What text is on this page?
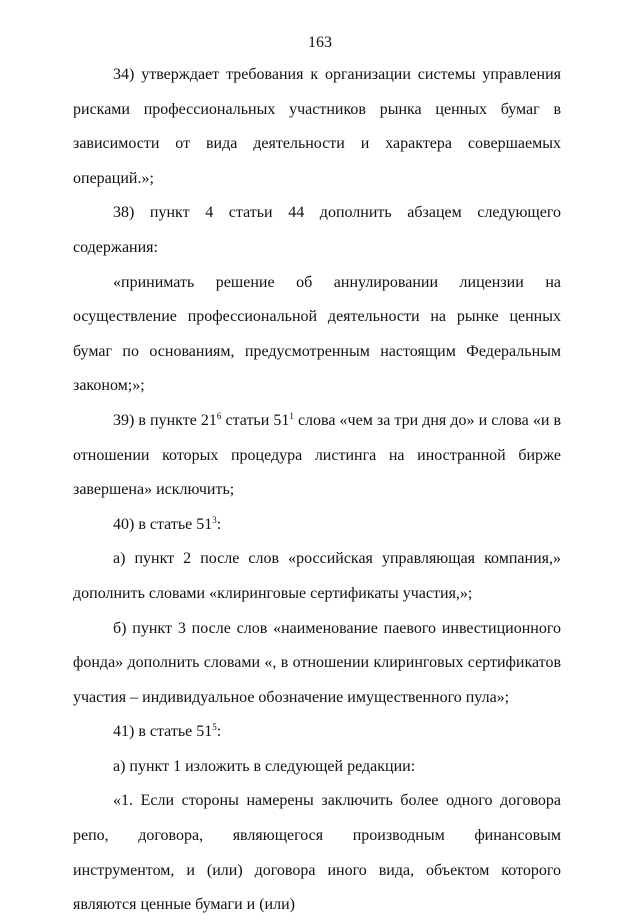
163

34) утверждает требования к организации системы управления рисками профессиональных участников рынка ценных бумаг в зависимости от вида деятельности и характера совершаемых операций.»;

38) пункт 4 статьи 44 дополнить абзацем следующего содержания:

«принимать решение об аннулировании лицензии на осуществление профессиональной деятельности на рынке ценных бумаг по основаниям, предусмотренным настоящим Федеральным законом;»;

39) в пункте $21^6$ статьи $51^1$ слова «чем за три дня до» и слова «и в отношении которых процедура листинга на иностранной бирже завершена» исключить;

40) в статье $51^3$:

а) пункт 2 после слов «российская управляющая компания,» дополнить словами «клиринговые сертификаты участия,»;

б) пункт 3 после слов «наименование паевого инвестиционного фонда» дополнить словами «, в отношении клиринговых сертификатов участия – индивидуальное обозначение имущественного пула»;

41) в статье $51^5$:

а) пункт 1 изложить в следующей редакции:

«1. Если стороны намерены заключить более одного договора репо, договора, являющегося производным финансовым инструментом, и (или) договора иного вида, объектом которого являются ценные бумаги и (или)
